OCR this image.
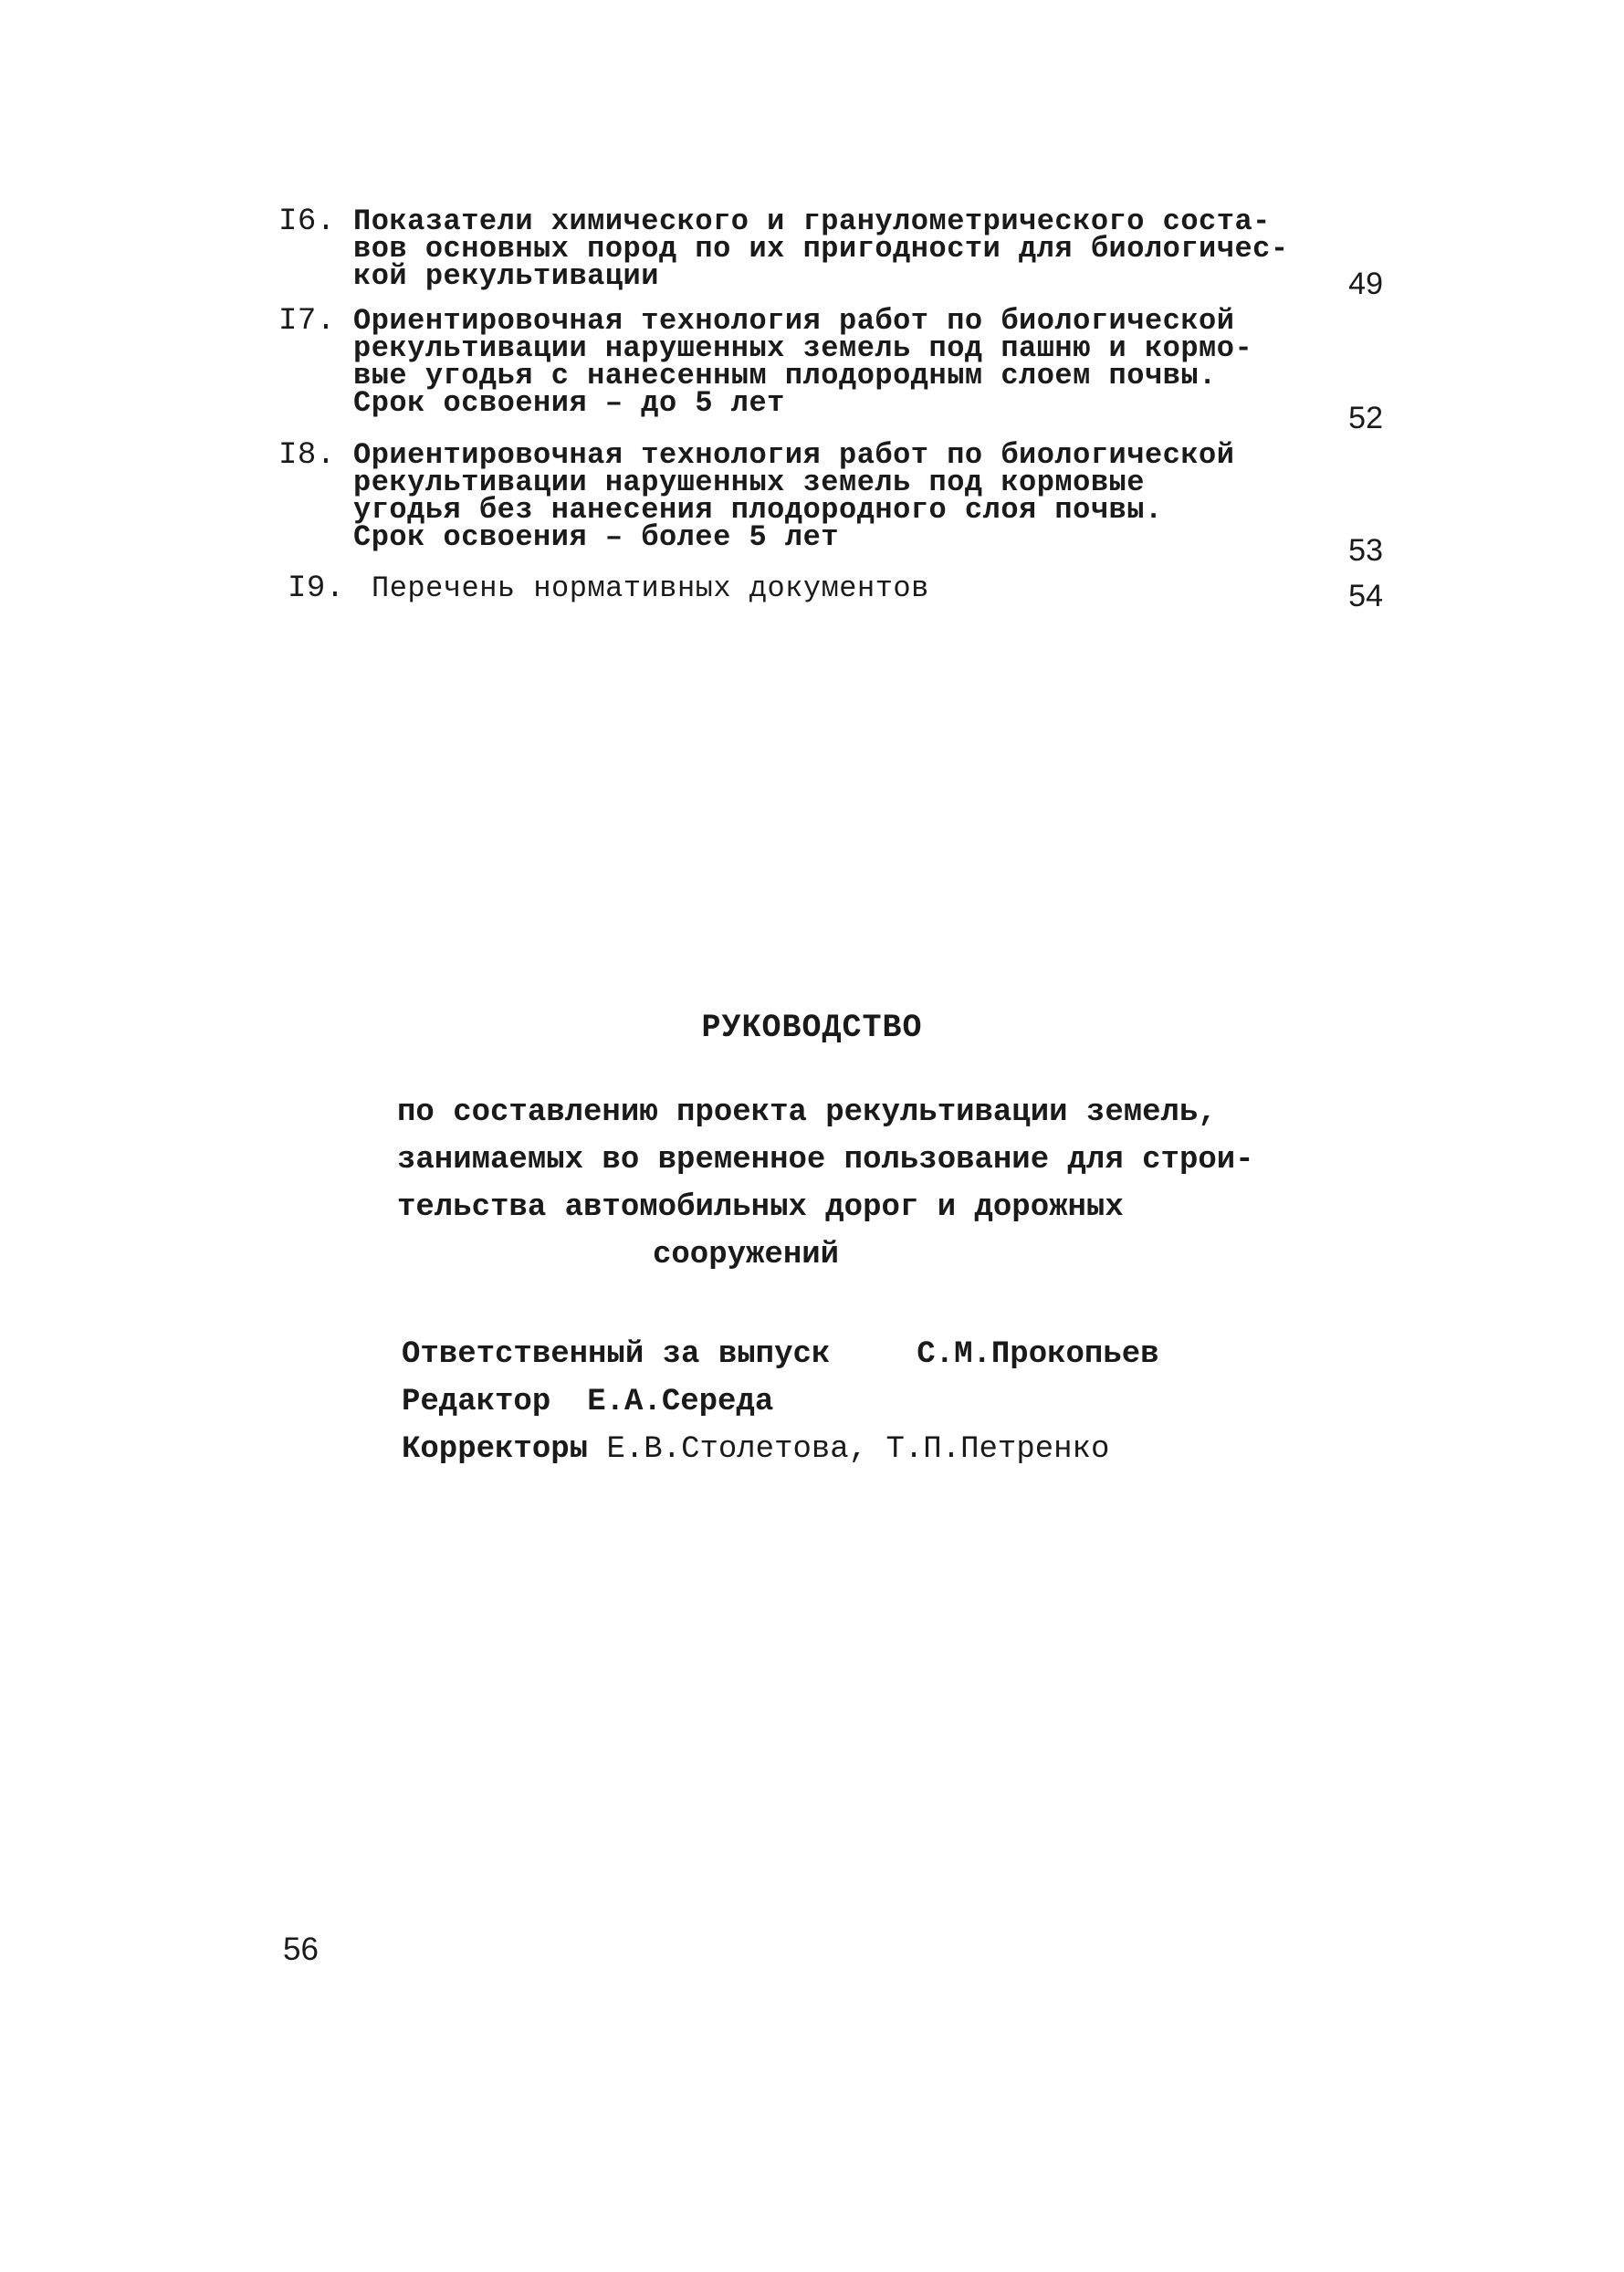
I6. Показатели химического и гранулометрического соста-
вов основных пород по их пригодности для биологичес-
кой рекультивации	49
I7. Ориентировочная технология работ по биологической
рекультивации нарушенных земель под пашню и кормо-
вые угодья с нанесенным плодородным слоем почвы.
Срок освоения – до 5 лет	52
I8. Ориентировочная технология работ по биологической
рекультивации нарушенных земель под кормовые
угодья без нанесения плодородного слоя почвы.
Срок освоения – более 5 лет	53
I9. Перечень нормативных документов	54
РУКОВОДСТВО
по составлению проекта рекультивации земель,
занимаемых во временное пользование для строи-
тельства автомобильных дорог и дорожных
сооружений
Ответственный за выпуск	С.М.Прокопьев
Редактор Е.А.Середа
Корректоры Е.В.Столетова, Т.П.Петренко
56
